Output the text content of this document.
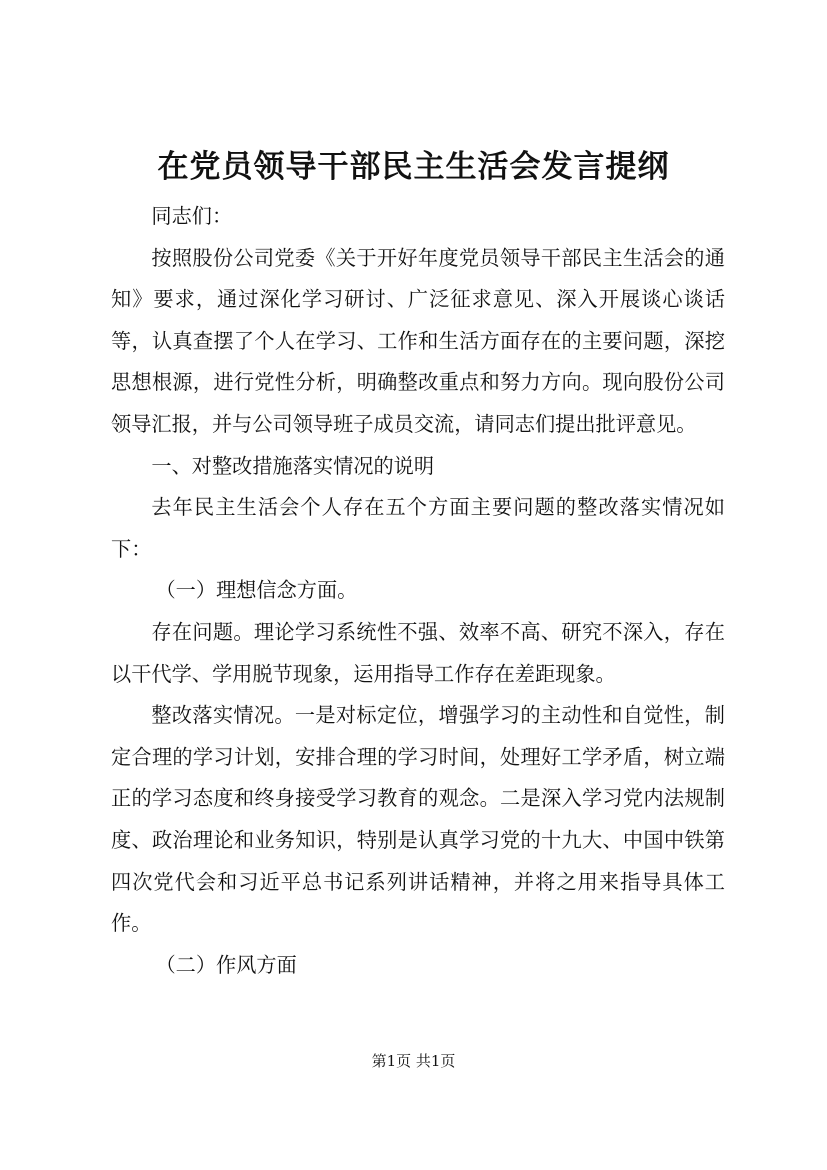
在党员领导干部民主生活会发言提纲

同志们：

按照股份公司党委《关于开好年度党员领导干部民主生活会的通知》要求，通过深化学习研讨、广泛征求意见、深入开展谈心谈话等，认真查摆了个人在学习、工作和生活方面存在的主要问题，深挖思想根源，进行党性分析，明确整改重点和努力方向。现向股份公司领导汇报，并与公司领导班子成员交流，请同志们提出批评意见。

一、对整改措施落实情况的说明

去年民主生活会个人存在五个方面主要问题的整改落实情况如下：

（一）理想信念方面。

存在问题。理论学习系统性不强、效率不高、研究不深入，存在以干代学、学用脱节现象，运用指导工作存在差距现象。

整改落实情况。一是对标定位，增强学习的主动性和自觉性，制定合理的学习计划，安排合理的学习时间，处理好工学矛盾，树立端正的学习态度和终身接受学习教育的观念。二是深入学习党内法规制度、政治理论和业务知识，特别是认真学习党的十九大、中国中铁第四次党代会和习近平总书记系列讲话精神，并将之用来指导具体工作。

（二）作风方面

第1页 共1页
